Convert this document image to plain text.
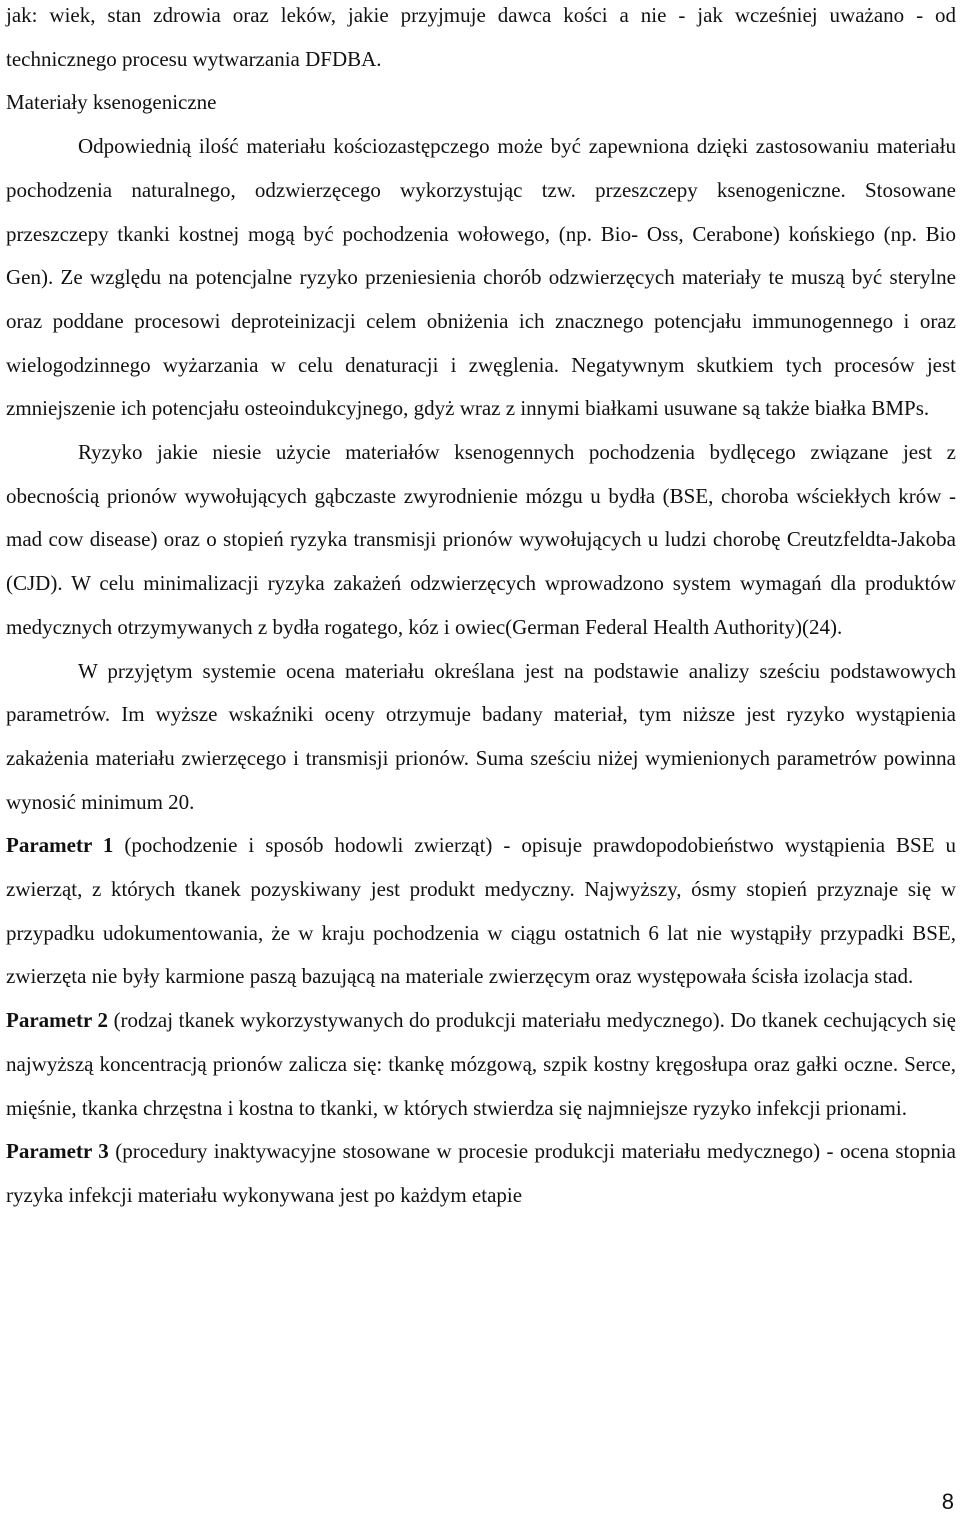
jak: wiek, stan zdrowia oraz leków, jakie przyjmuje dawca kości a nie - jak wcześniej uważano - od technicznego procesu wytwarzania DFDBA.

Materiały ksenogeniczne

Odpowiednią ilość materiału kościozastępczego może być zapewniona dzięki zastosowaniu materiału pochodzenia naturalnego, odzwierzęcego wykorzystując tzw. przeszczepy ksenogeniczne. Stosowane przeszczepy tkanki kostnej mogą być pochodzenia wołowego, (np. Bio- Oss, Cerabone) końskiego (np. Bio Gen). Ze względu na potencjalne ryzyko przeniesienia chorób odzwierzęcych materiały te muszą być sterylne oraz poddane procesowi deproteinizacji celem obniżenia ich znacznego potencjału immunogennego i oraz wielogodzinnego wyżarzania w celu denaturacji i zwęglenia. Negatywnym skutkiem tych procesów jest zmniejszenie ich potencjału osteoindukcyjnego, gdyż wraz z innymi białkami usuwane są także białka BMPs.

Ryzyko jakie niesie użycie materiałów ksenogennych pochodzenia bydlęcego związane jest z obecnością prionów wywołujących gąbczaste zwyrodnienie mózgu u bydła (BSE, choroba wściekłych krów - mad cow disease) oraz o stopień ryzyka transmisji prionów wywołujących u ludzi chorobę Creutzfeldta-Jakoba (CJD). W celu minimalizacji ryzyka zakażeń odzwierzęcych wprowadzono system wymagań dla produktów medycznych otrzymywanych z bydła rogatego, kóz i owiec(German Federal Health Authority)(24).

W przyjętym systemie ocena materiału określana jest na podstawie analizy sześciu podstawowych parametrów. Im wyższe wskaźniki oceny otrzymuje badany materiał, tym niższe jest ryzyko wystąpienia zakażenia materiału zwierzęcego i transmisji prionów. Suma sześciu niżej wymienionych parametrów powinna wynosić minimum 20.

Parametr 1 (pochodzenie i sposób hodowli zwierząt) - opisuje prawdopodobieństwo wystąpienia BSE u zwierząt, z których tkanek pozyskiwany jest produkt medyczny. Najwyższy, ósmy stopień przyznaje się w przypadku udokumentowania, że w kraju pochodzenia w ciągu ostatnich 6 lat nie wystąpiły przypadki BSE, zwierzęta nie były karmione paszą bazującą na materiale zwierzęcym oraz występowała ścisła izolacja stad.

Parametr 2 (rodzaj tkanek wykorzystywanych do produkcji materiału medycznego). Do tkanek cechujących się najwyższą koncentracją prionów zalicza się: tkankę mózgową, szpik kostny kręgosłupa oraz gałki oczne. Serce, mięśnie, tkanka chrzęstna i kostna to tkanki, w których stwierdza się najmniejsze ryzyko infekcji prionami.

Parametr 3 (procedury inaktywacyjne stosowane w procesie produkcji materiału medycznego) - ocena stopnia ryzyka infekcji materiału wykonywana jest po każdym etapie

8
